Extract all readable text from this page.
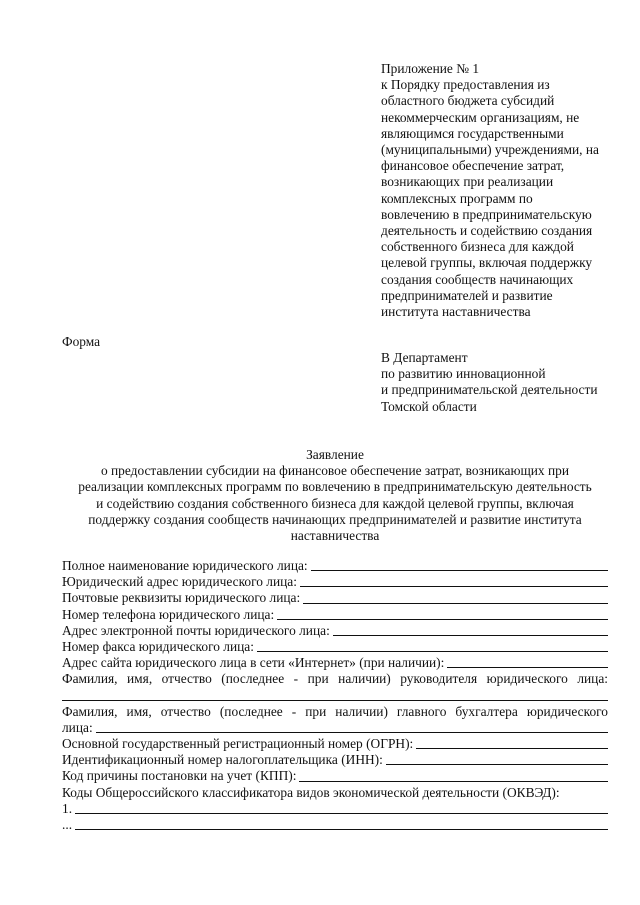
Приложение № 1
к Порядку предоставления из
областного бюджета субсидий
некоммерческим организациям, не
являющимся государственными
(муниципальными) учреждениями, на
финансовое обеспечение затрат,
возникающих при реализации
комплексных программ по
вовлечению в предпринимательскую
деятельность и содействию создания
собственного бизнеса для каждой
целевой группы, включая поддержку
создания сообществ начинающих
предпринимателей и развитие
института наставничества
Форма
В Департамент
по развитию инновационной
и предпринимательской деятельности
Томской области
Заявление
о предоставлении субсидии на финансовое обеспечение затрат, возникающих при
реализации комплексных программ по вовлечению в предпринимательскую деятельность
и содействию создания собственного бизнеса для каждой целевой группы, включая
поддержку создания сообществ начинающих предпринимателей и развитие института
наставничества
Полное наименование юридического лица:
Юридический адрес юридического лица:
Почтовые реквизиты юридического лица:
Номер телефона юридического лица:
Адрес электронной почты юридического лица:
Номер факса юридического лица:
Адрес сайта юридического лица в сети «Интернет» (при наличии):
Фамилия, имя, отчество (последнее - при наличии) руководителя юридического лица:
Фамилия, имя, отчество (последнее - при наличии) главного бухгалтера юридического
лица:
Основной государственный регистрационный номер (ОГРН):
Идентификационный номер налогоплательщика (ИНН):
Код причины постановки на учет (КПП):
Коды Общероссийского классификатора видов экономической деятельности (ОКВЭД):
1.
...
